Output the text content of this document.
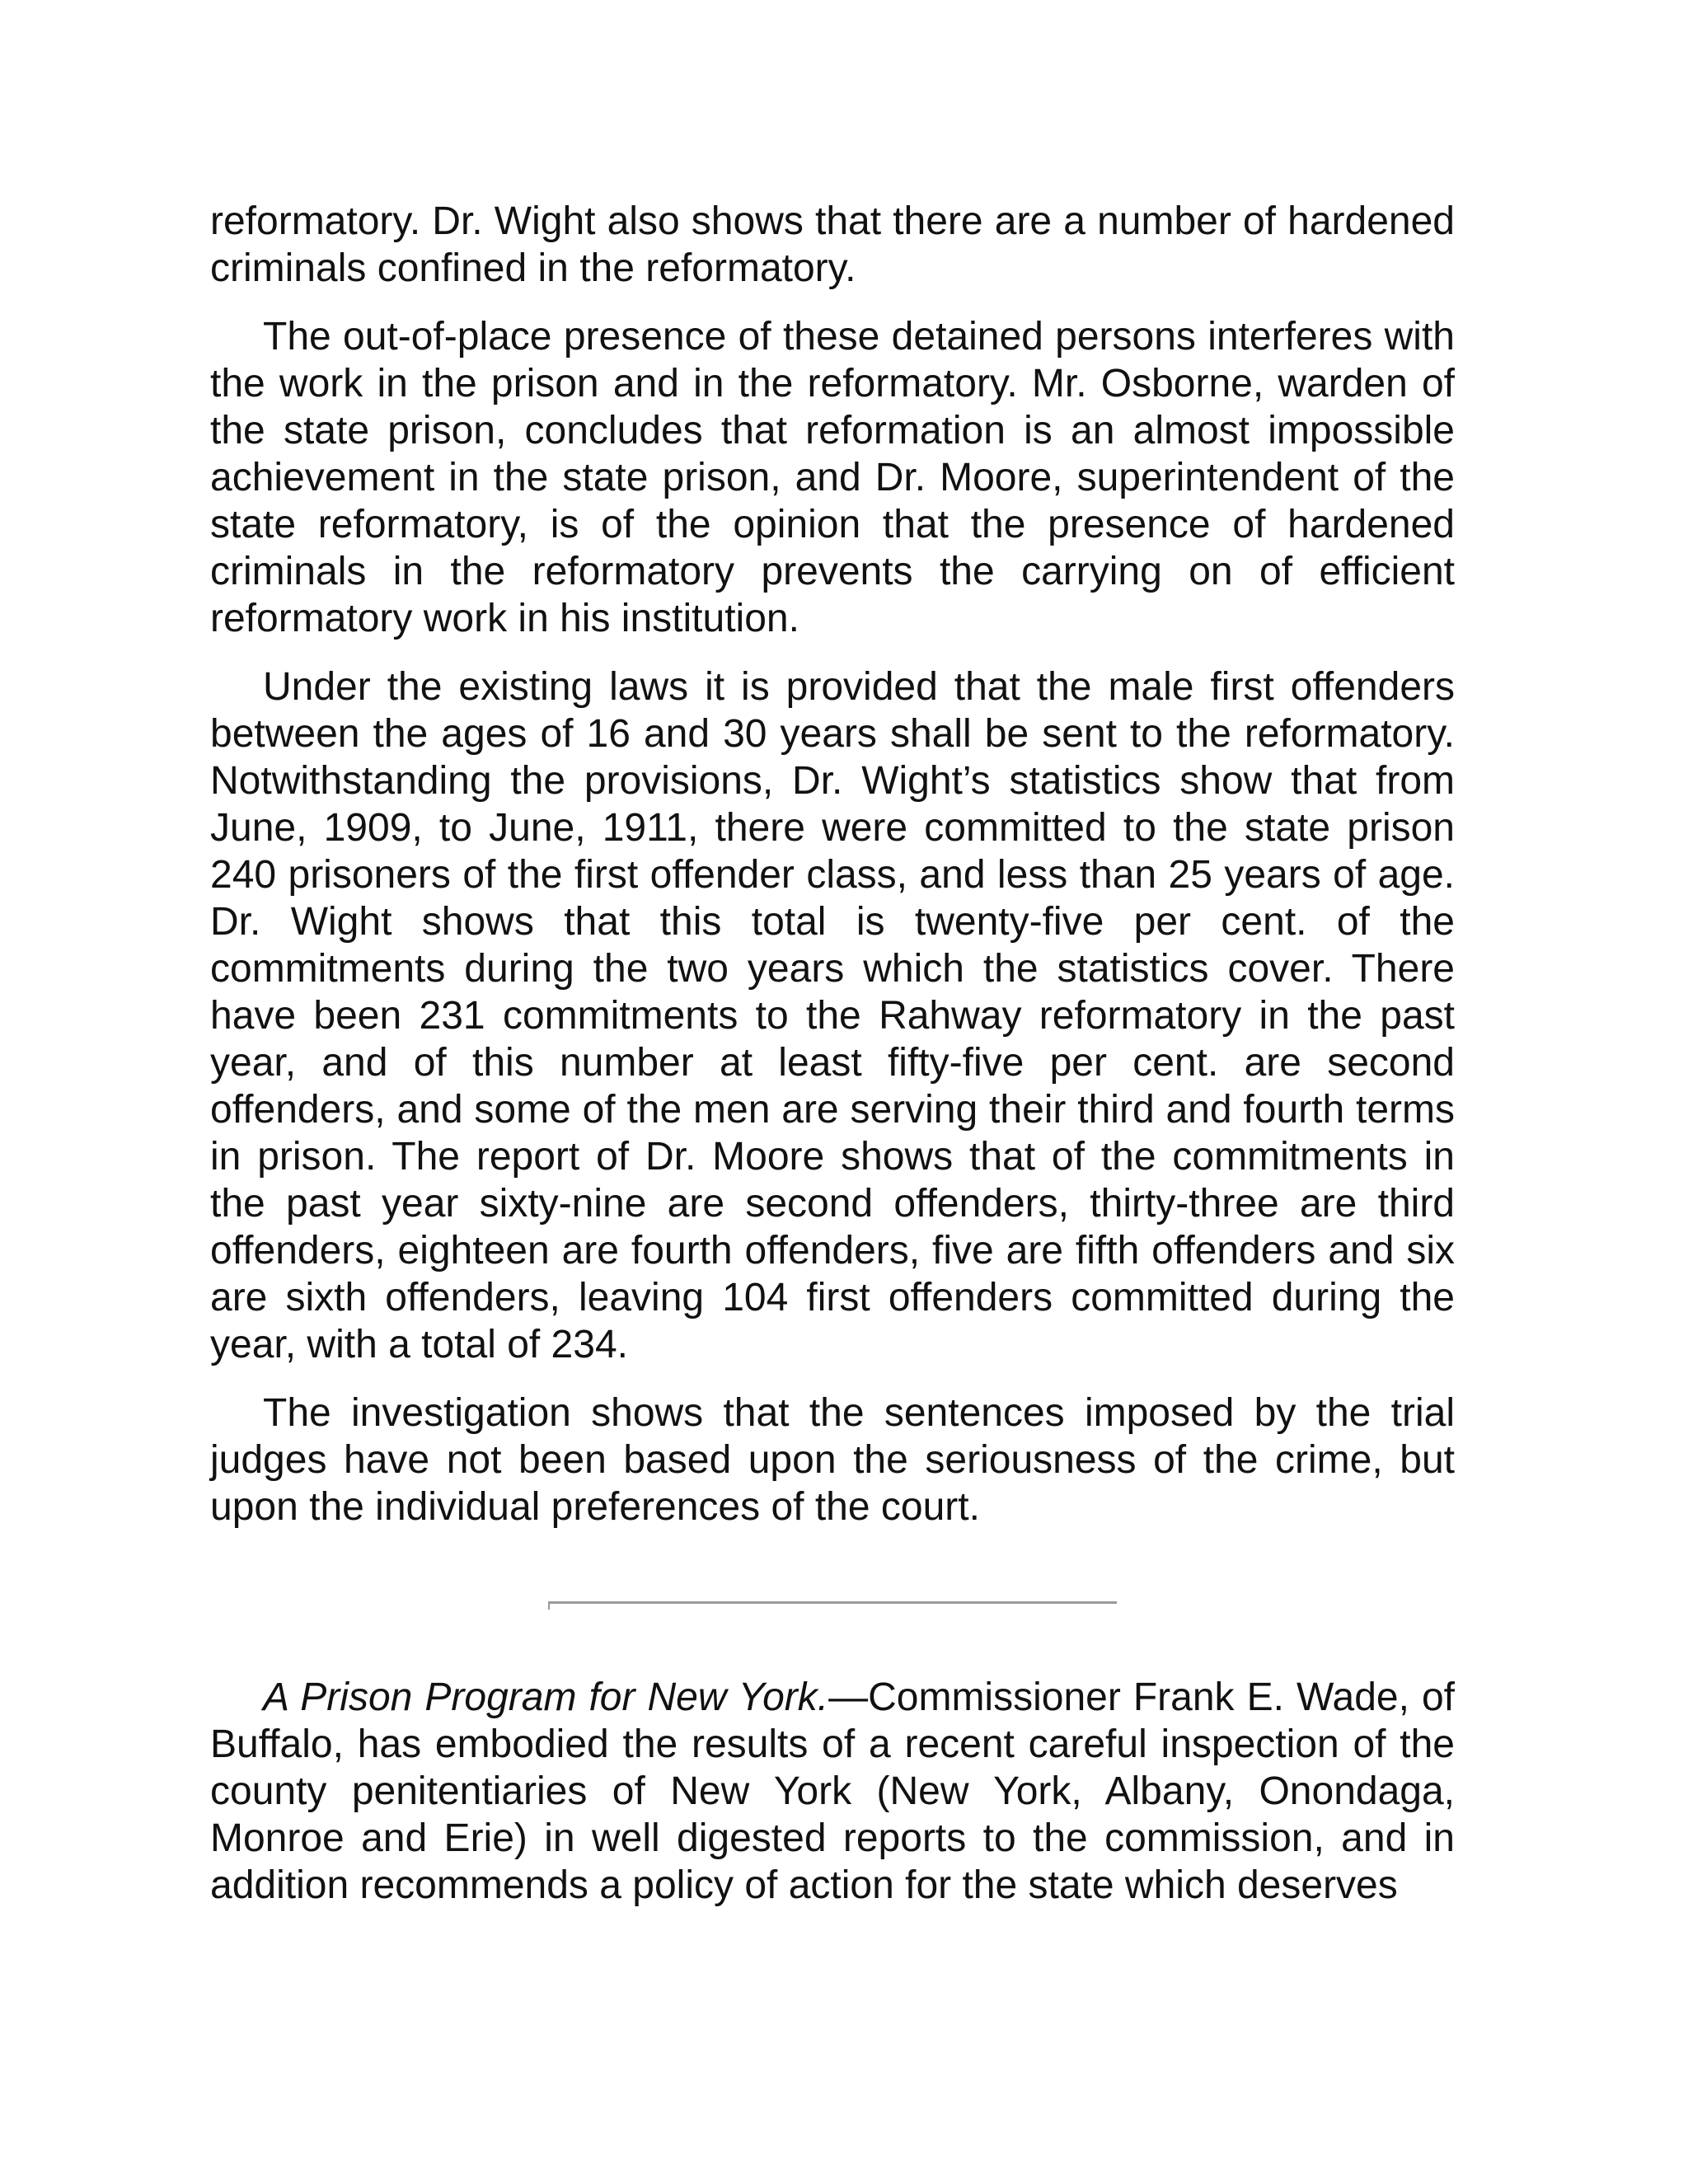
reformatory. Dr. Wight also shows that there are a number of hardened criminals confined in the reformatory.

The out-of-place presence of these detained persons interferes with the work in the prison and in the reformatory. Mr. Osborne, warden of the state prison, concludes that reformation is an almost impossible achievement in the state prison, and Dr. Moore, superintendent of the state reformatory, is of the opinion that the presence of hardened criminals in the reformatory prevents the carrying on of efficient reformatory work in his institution.

Under the existing laws it is provided that the male first offenders between the ages of 16 and 30 years shall be sent to the reformatory. Notwithstanding the provisions, Dr. Wight’s statistics show that from June, 1909, to June, 1911, there were committed to the state prison 240 prisoners of the first offender class, and less than 25 years of age. Dr. Wight shows that this total is twenty-five per cent. of the commitments during the two years which the statistics cover. There have been 231 commitments to the Rahway reformatory in the past year, and of this number at least fifty-five per cent. are second offenders, and some of the men are serving their third and fourth terms in prison. The report of Dr. Moore shows that of the commitments in the past year sixty-nine are second offenders, thirty-three are third offenders, eighteen are fourth offenders, five are fifth offenders and six are sixth offenders, leaving 104 first offenders committed during the year, with a total of 234.

The investigation shows that the sentences imposed by the trial judges have not been based upon the seriousness of the crime, but upon the individual preferences of the court.

A Prison Program for New York.—Commissioner Frank E. Wade, of Buffalo, has embodied the results of a recent careful inspection of the county penitentiaries of New York (New York, Albany, Onondaga, Monroe and Erie) in well digested reports to the commission, and in addition recommends a policy of action for the state which deserves
